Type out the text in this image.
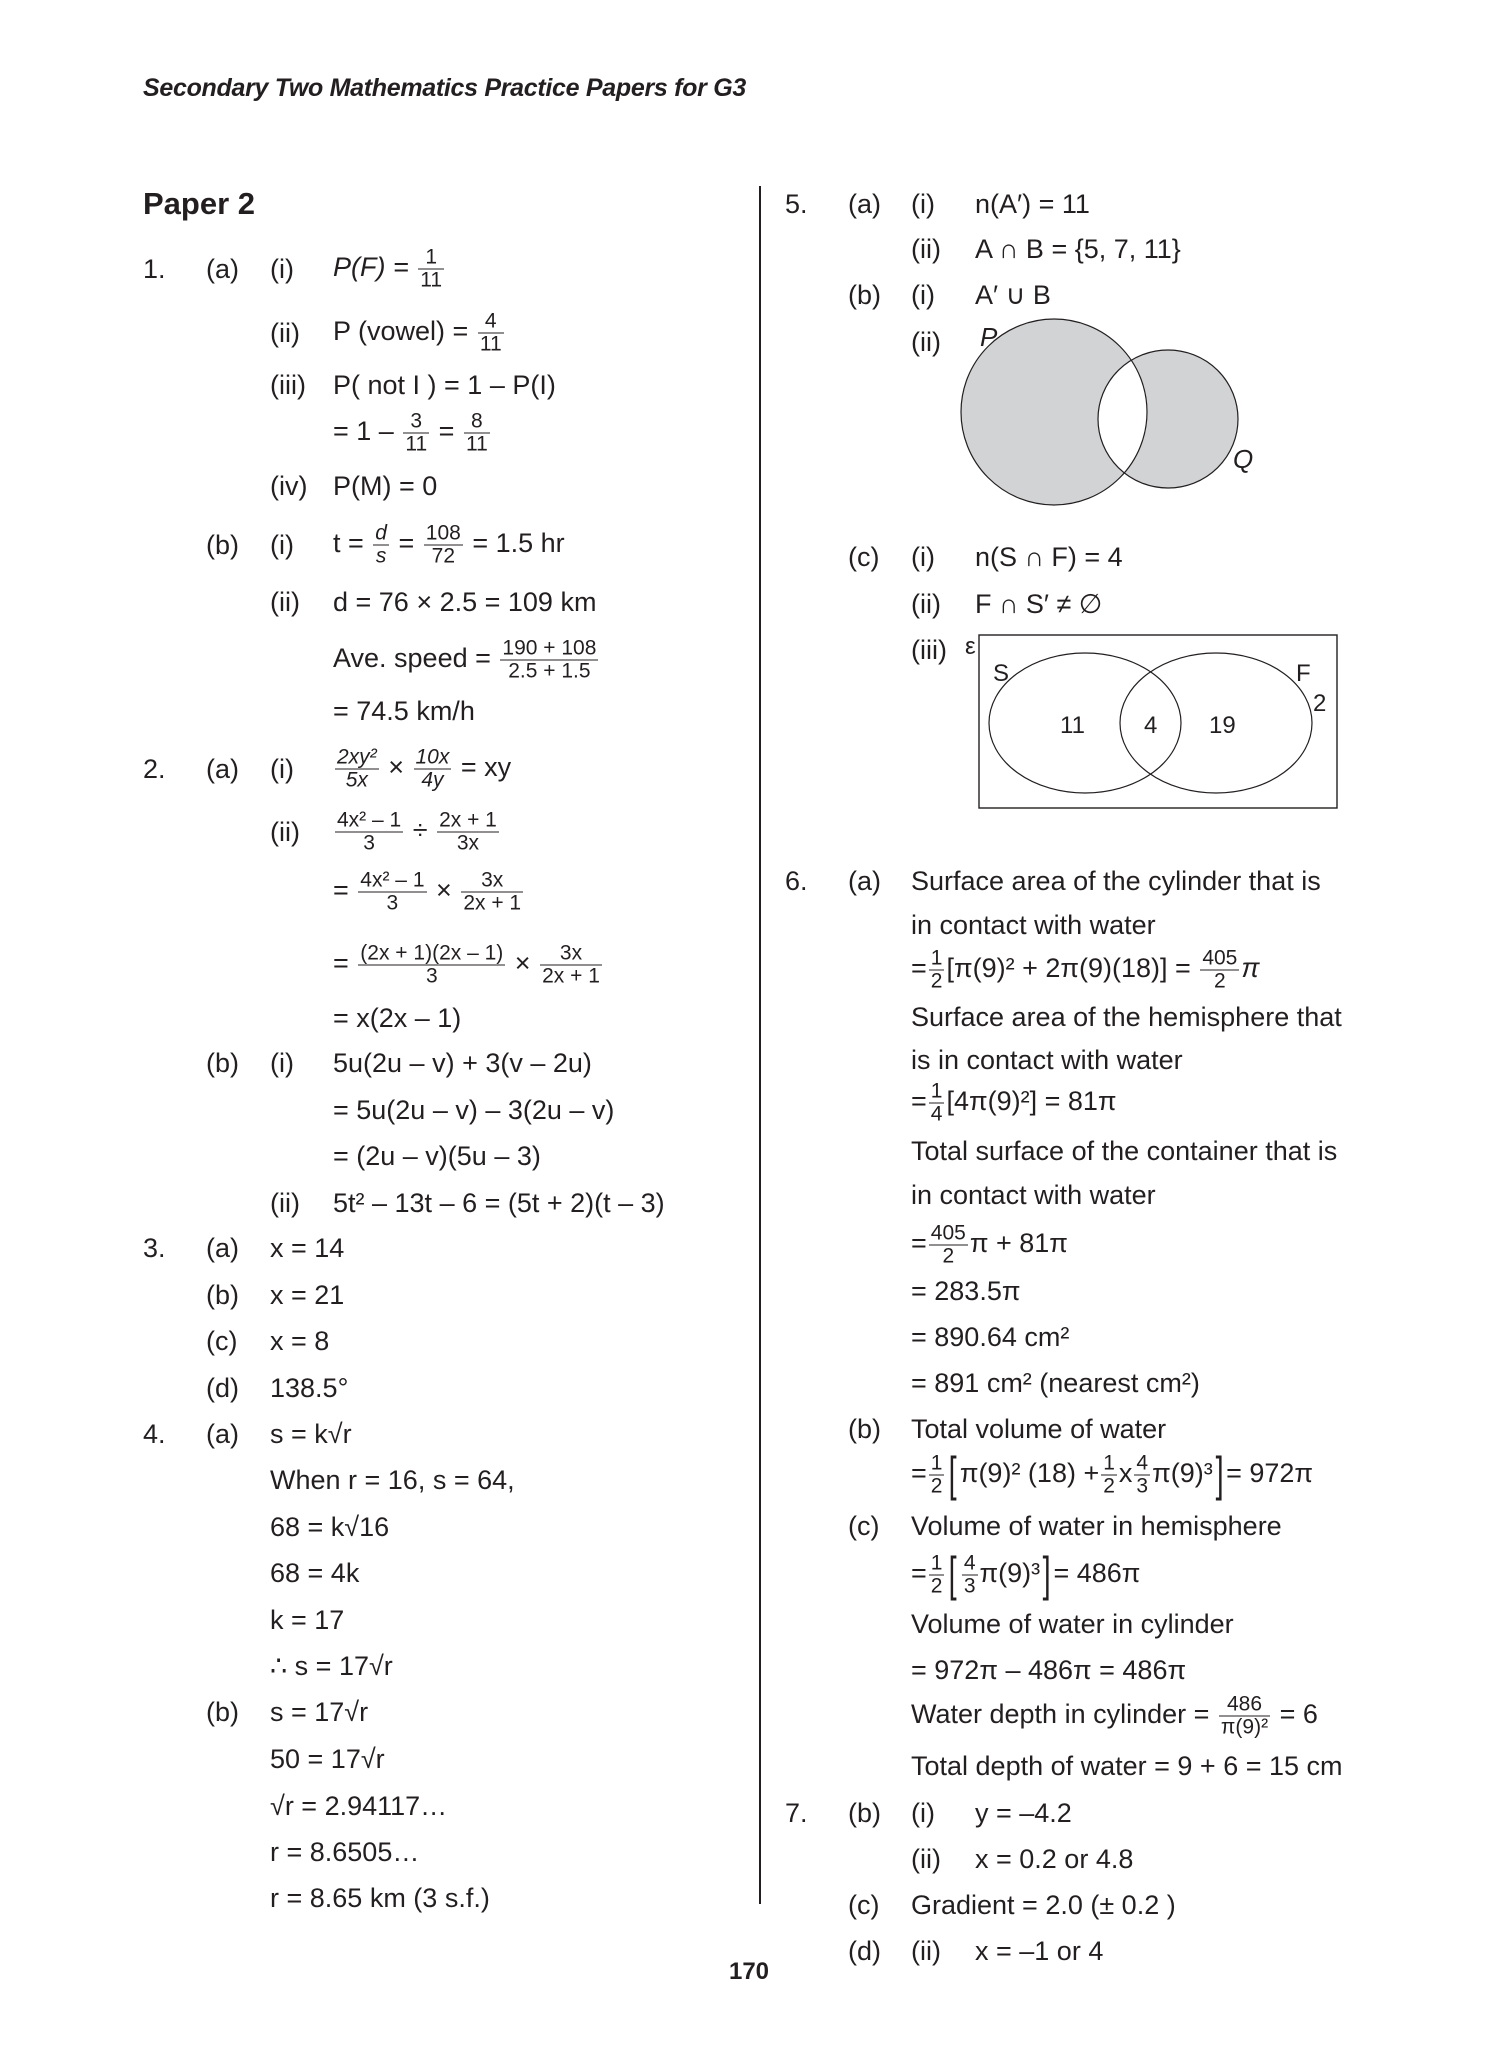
Secondary Two Mathematics Practice Papers for G3
Paper 2
1. (a) (i) $P(F) = \frac{1}{11}$
(ii) P (vowel) = $\frac{4}{11}$
(iii) P( not I ) = 1 – P(I)
= $1 - \frac{3}{11} = \frac{8}{11}$
(iv) P(M) = 0
(b) (i) $t = \frac{d}{s} = \frac{108}{72} = 1.5$ hr
(ii) d = 76 × 2.5 = 109 km
Ave. speed = $\frac{190 + 108}{2.5 + 1.5}$
= 74.5 km/h
2. (a) $(i) \frac{\text{2xy²}}{5x} \times \frac{10x}{4y}$ = xy
$(ii) \frac{\text{4x² – 1}}{3} \div \frac{2x + 1}{3x}$
= $\frac{\text{4x² – 1}}{3} \times \frac{3x}{2x + 1}$
= $\frac{(2x + 1)(2x - 1)}{3} \times \frac{3x}{2x + 1}$
= x(2x – 1)
(b) (i) 5u(2u – v) + 3(v – 2u)
= 5u(2u – v) – 3(2u – v)
= (2u – v)(5u – 3)
(ii) 5t² – 13t – 6 = (5t + 2)(t – 3)
3. (a) x = 14
(b) x = 21
(c) x = 8
(d) 138.5°
4. (a) s = k√r
When r = 16, s = 64,
68 = k√16
68 = 4k
k = 17
∴ s = 17√r
(b) s = 17√r
50 = 17√r
√r = 2.94117…
r = 8.6505…
r = 8.65 km (3 s.f.)
5. (a) (i) n(A′) = 11
(ii) A ∩ B = {5, 7, 11}
(b) (i) A′ ∪ B
(ii) P
Q
(c) (i) n(S ∩ F) = 4
(ii) F ∩ S′ ≠ ∅
(iii) ε
S	F
11 4 19
2
6. (a) Surface area of the cylinder that is
in contact with water
= $\frac{1}{2} [\pi(9)^2 + 2\pi(9)(18)] = \frac{405}{2}$ π
Surface area of the hemisphere that
is in contact with water
= $\frac{1}{4} [4\pi(9)^2] = 81\pi$
Total surface of the container that is
in contact with water
= $\frac{405}{2}$ π + 81π
= 283.5π
= 890.64 cm²
= 891 cm² (nearest cm²)
(b) Total volume of water
= $\frac{1}{2} [\pi(9)^2$ $(18) + \frac{1}{2}$ x $\frac{4}{3} \pi(9)^3]= 972\pi$
(c) Volume of water in hemisphere
= $\frac{1}{2}$ [ $\frac{4}{3} \pi(9)^3]= 486\pi$
Volume of water in cylinder
= 972π – 486π = 486π
Water depth in cylinder = $\frac{486}{\text{π(9)²}} = 6$
Total depth of water = 9 + 6 = 15 cm
7. (b) (i) y = –4.2
(ii) x = 0.2 or 4.8
(c) Gradient = 2.0 (± 0.2 )
(d) (ii) x = –1 or 4
170
